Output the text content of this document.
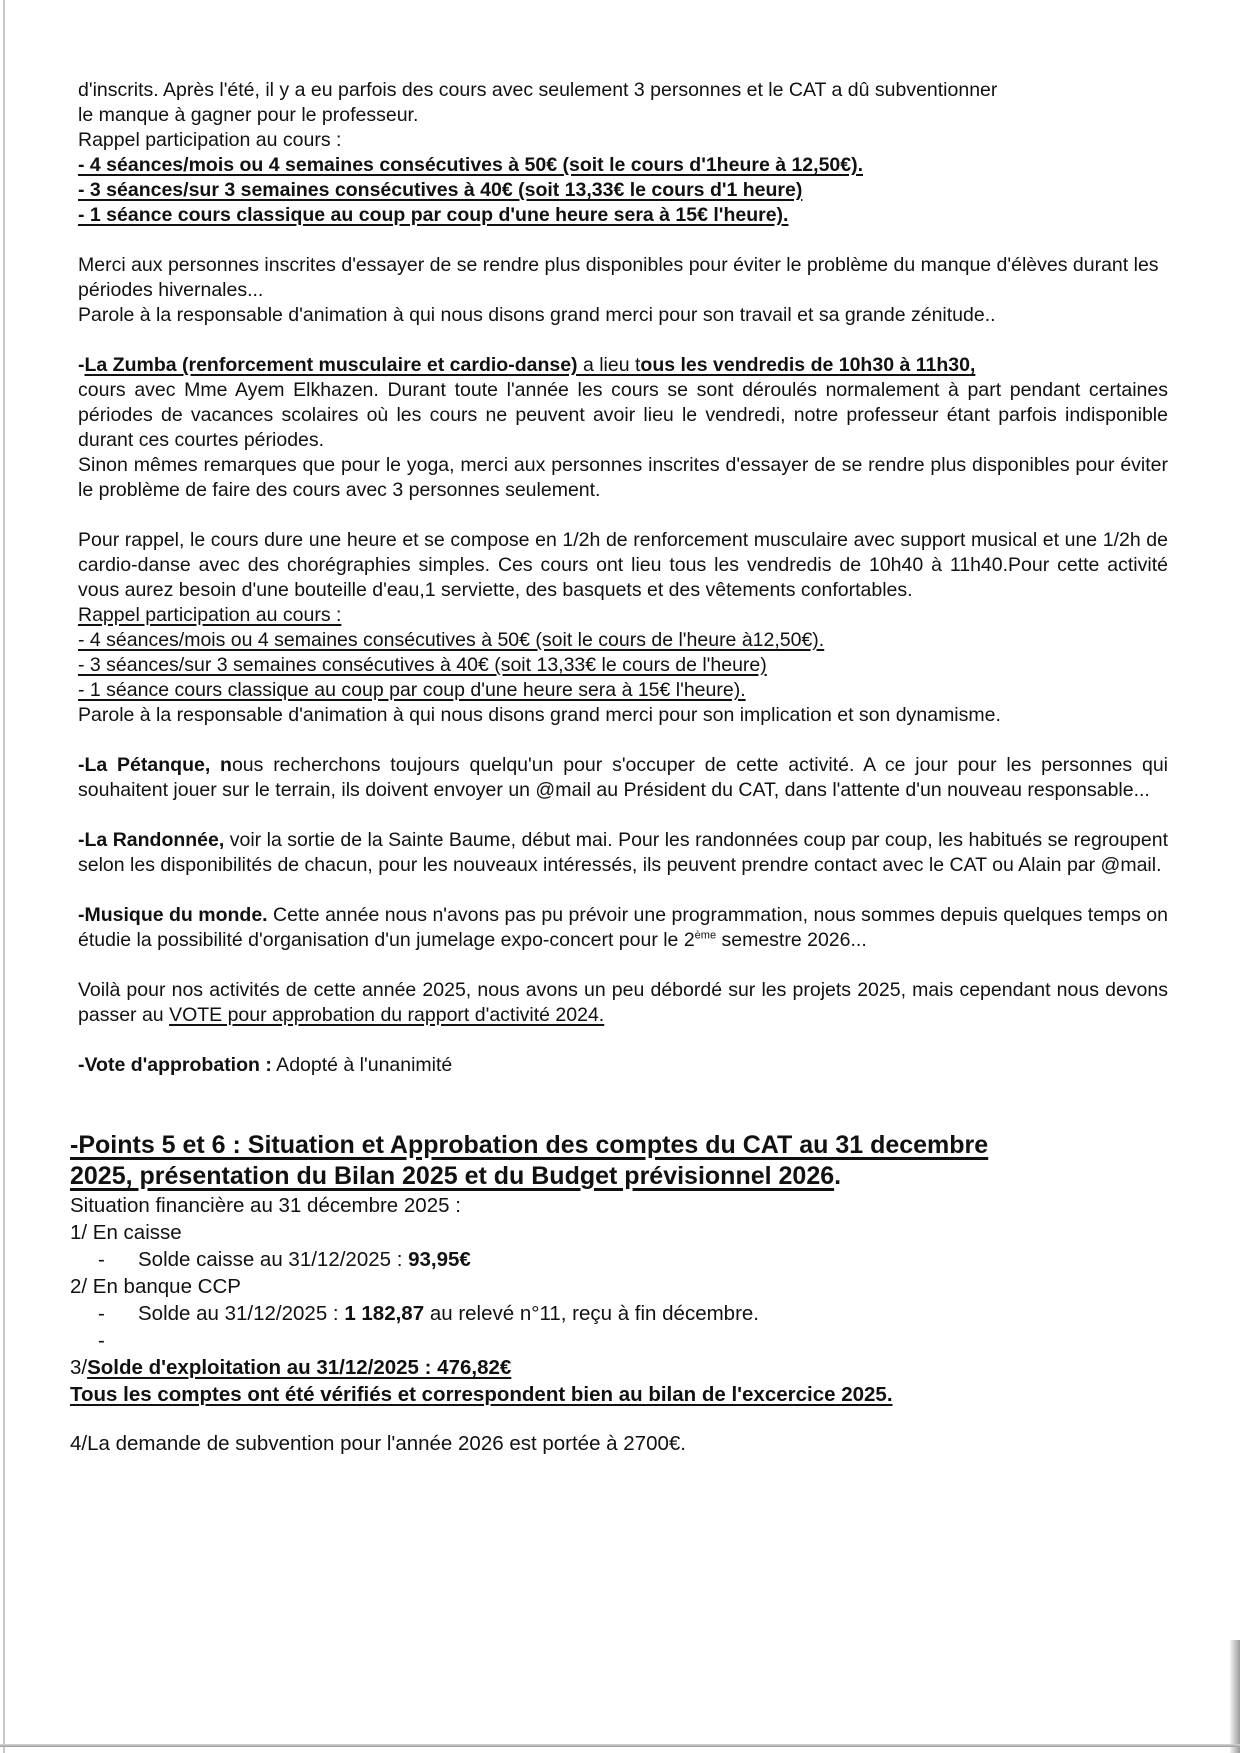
d'inscrits. Après l'été, il y a eu parfois des cours avec seulement 3 personnes et le CAT a dû subventionner

le manque à gagner pour le professeur.

Rappel participation au cours :

- 4 séances/mois ou 4 semaines consécutives à 50€ (soit le cours d'1heure à 12,50€).

- 3 séances/sur 3 semaines consécutives à 40€ (soit 13,33€ le cours d'1 heure)

- 1 séance cours classique au coup par coup d'une heure sera à 15€ l'heure).

Merci aux personnes inscrites d'essayer de se rendre plus disponibles pour éviter le problème du manque d'élèves durant les périodes hivernales...

Parole à la responsable d'animation à qui nous disons grand merci pour son travail et sa grande zénitude..

-La Zumba (renforcement musculaire et cardio-danse) a lieu tous les vendredis de 10h30 à 11h30,

cours avec Mme Ayem Elkhazen. Durant toute l'année les cours se sont déroulés normalement à part pendant certaines périodes de vacances scolaires où les cours ne peuvent avoir lieu le vendredi, notre professeur étant parfois indisponible durant ces courtes périodes.

Sinon mêmes remarques que pour le yoga, merci aux personnes inscrites d'essayer de se rendre plus disponibles pour éviter le problème de faire des cours avec 3 personnes seulement.

Pour rappel, le cours dure une heure et se compose en 1/2h de renforcement musculaire avec support musical et une 1/2h de cardio-danse avec des chorégraphies simples. Ces cours ont lieu tous les vendredis de 10h40 à 11h40.Pour cette activité vous aurez besoin d'une bouteille d'eau,1 serviette, des basquets et des vêtements confortables.

Rappel participation au cours :

- 4 séances/mois ou 4 semaines consécutives à 50€ (soit le cours de l'heure à12,50€).

- 3 séances/sur 3 semaines consécutives à 40€ (soit 13,33€ le cours de l'heure)

- 1 séance cours classique au coup par coup d'une heure sera à 15€ l'heure).

Parole à la responsable d'animation à qui nous disons grand merci pour son implication et son dynamisme.

-La Pétanque, nous recherchons toujours quelqu'un pour s'occuper de cette activité. A ce jour pour les personnes qui souhaitent jouer sur le terrain, ils doivent envoyer un @mail au Président du CAT, dans l'attente d'un nouveau responsable...

-La Randonnée, voir la sortie de la Sainte Baume, début mai. Pour les randonnées coup par coup, les habitués se regroupent selon les disponibilités de chacun, pour les nouveaux intéressés, ils peuvent prendre contact avec le CAT ou Alain par @mail.

-Musique du monde. Cette année nous n'avons pas pu prévoir une programmation, nous sommes depuis quelques temps on étudie la possibilité d'organisation d'un jumelage expo-concert pour le 2ème semestre 2026...

Voilà pour nos activités de cette année 2025, nous avons un peu débordé sur les projets 2025, mais cependant nous devons passer au VOTE pour approbation du rapport d'activité 2024.

-Vote d'approbation : Adopté à l'unanimité

-Points 5 et 6 : Situation et Approbation des comptes du CAT au 31 decembre

2025, présentation du Bilan 2025 et du Budget prévisionnel 2026.

Situation financière au 31 décembre 2025 :

1/ En caisse

- Solde caisse au 31/12/2025 : 93,95€

2/ En banque CCP

- Solde au 31/12/2025 : 1 182,87 au relevé n°11, reçu à fin décembre.

-

3/Solde d'exploitation au 31/12/2025 : 476,82€

Tous les comptes ont été vérifiés et correspondent bien au bilan de l'excercice 2025.

4/La demande de subvention pour l'année 2026 est portée à 2700€.
